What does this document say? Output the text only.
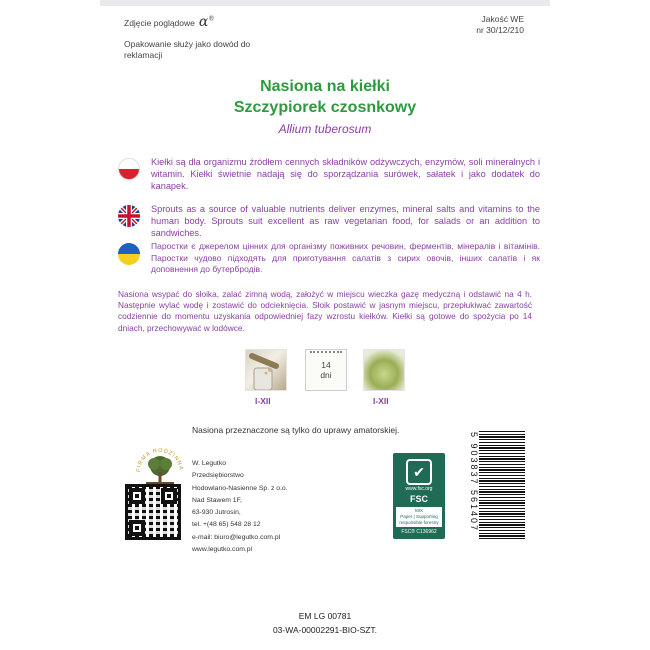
Zdjęcie poglądowe α®	Jakość WE
nr 30/12/210
Opakowanie służy jako dowód do reklamacji
Nasiona na kiełki
Szczypiorek czosnkowy
Allium tuberosum
Kiełki są dla organizmu źródłem cennych składników odżywczych, enzymów, soli mineralnych i witamin. Kiełki świetnie nadają się do sporządzania surówek, sałatek i jako dodatek do kanapek.
Sprouts as a source of valuable nutrients deliver enzymes, mineral salts and vitamins to the human body. Sprouts suit excellent as raw vegetarian food, for salads or an addition to sandwiches.
Паростки є джерелом цінних для організму поживних речовин, ферментів, мінералів і вітамінів. Паростки чудово підходять для приготування салатів з сирих овочів, інших салатів і як доповнення до бутербродів.
Nasiona wsypać do słoika, zalać zimną wodą, założyć w miejscu wieczka gazę medyczną i odstawić na 4 h. Następnie wylać wodę i zostawić do odcieknięcia. Słoik postawić w jasnym miejscu, przepłukiwać zawartość codziennie do momentu uzyskania odpowiedniej fazy wzrostu kiełków. Kiełki są gotowe do spożycia po 14 dniach, przechowywać w lodówce.
14
dni
I-XII	I-XII
Nasiona przeznaczone są tylko do uprawy amatorskiej.
FIRMA RODZINNA
W. Legutko
Przedsiębiorstwo
Hodowlano-Nasienne Sp. z o.o.
Nad Stawem 1F,
63-930 Jutrosin,
tel. +(48 65) 548 28 12
e-mail: biuro@legutko.com.pl
www.legutko.com.pl
✔
www.fsc.org
FSC
MIX
Paper | Supporting responsible forestry
FSC® C136962	5 903837 561407
EM LG 00781
03-WA-00002291-BIO-SZT.
